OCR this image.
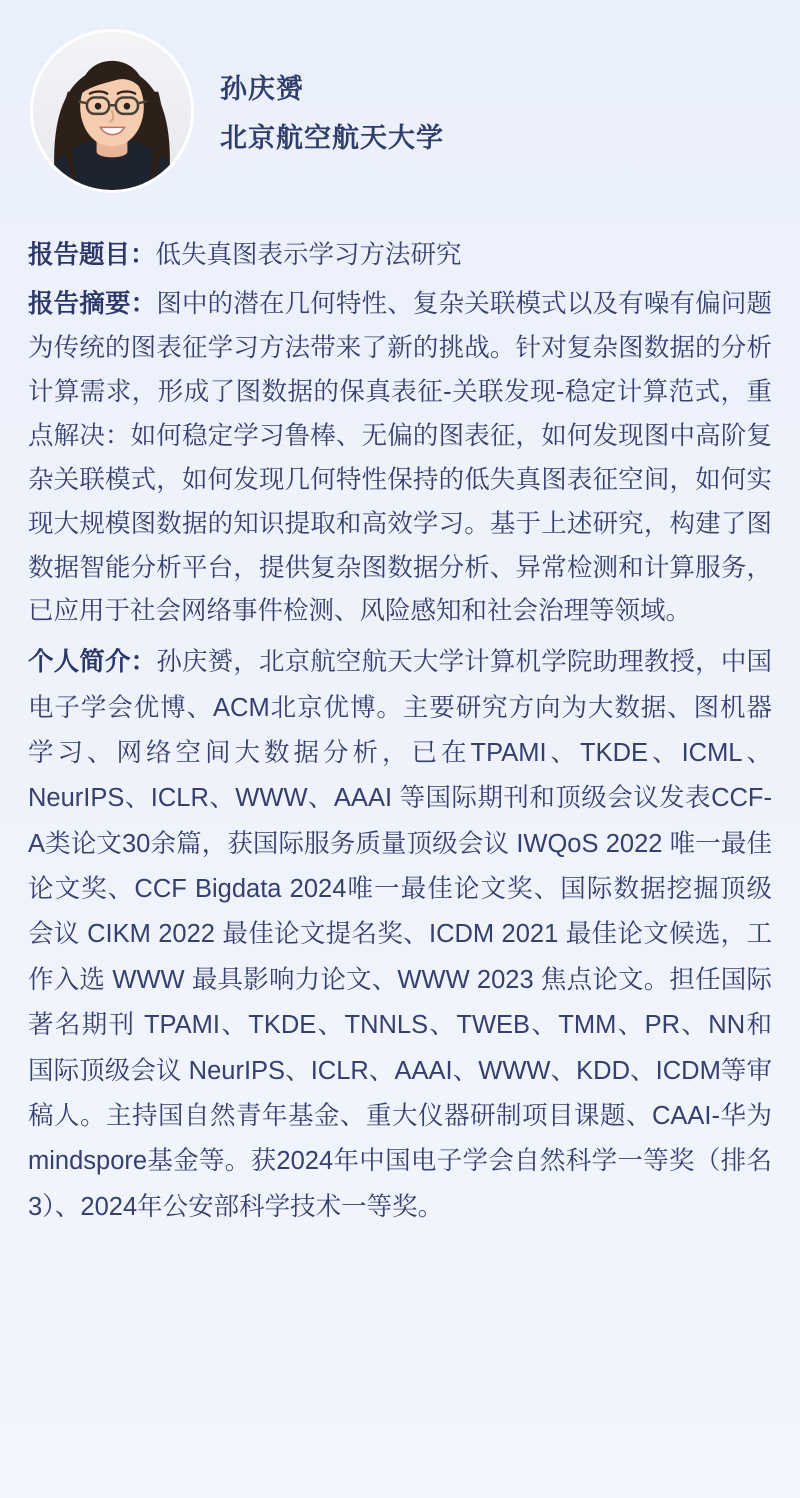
孙庆赟
北京航空航天大学

报告题目：低失真图表示学习方法研究

报告摘要：图中的潜在几何特性、复杂关联模式以及有噪有偏问题为传统的图表征学习方法带来了新的挑战。针对复杂图数据的分析计算需求，形成了图数据的保真表征-关联发现-稳定计算范式，重点解决：如何稳定学习鲁棒、无偏的图表征，如何发现图中高阶复杂关联模式，如何发现几何特性保持的低失真图表征空间，如何实现大规模图数据的知识提取和高效学习。基于上述研究，构建了图数据智能分析平台，提供复杂图数据分析、异常检测和计算服务，已应用于社会网络事件检测、风险感知和社会治理等领域。

个人简介：孙庆赟，北京航空航天大学计算机学院助理教授，中国电子学会优博、ACM北京优博。主要研究方向为大数据、图机器学习、网络空间大数据分析，已在TPAMI、TKDE、ICML、NeurIPS、ICLR、WWW、AAAI 等国际期刊和顶级会议发表CCF-A类论文30余篇，获国际服务质量顶级会议 IWQoS 2022 唯一最佳论文奖、CCF Bigdata 2024唯一最佳论文奖、国际数据挖掘顶级会议 CIKM 2022 最佳论文提名奖、ICDM 2021 最佳论文候选，工作入选 WWW 最具影响力论文、WWW 2023 焦点论文。担任国际著名期刊 TPAMI、TKDE、TNNLS、TWEB、TMM、PR、NN和国际顶级会议 NeurIPS、ICLR、AAAI、WWW、KDD、ICDM等审稿人。主持国自然青年基金、重大仪器研制项目课题、CAAI-华为mindspore基金等。获2024年中国电子学会自然科学一等奖（排名3）、2024年公安部科学技术一等奖。
